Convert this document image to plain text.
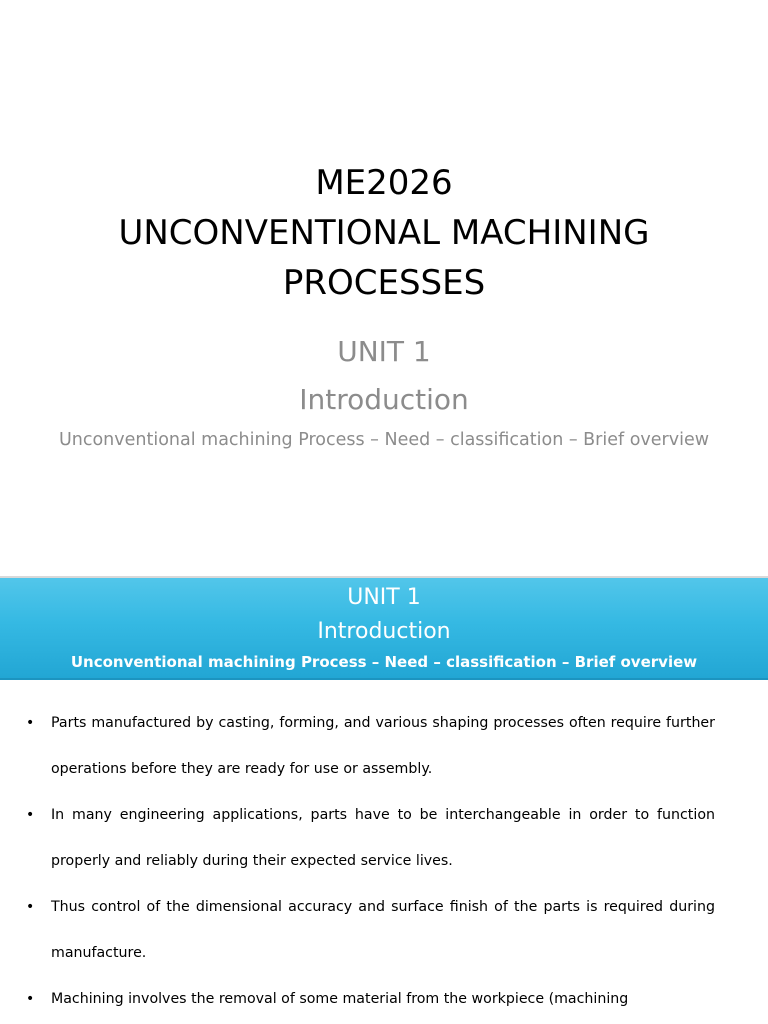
ME2026
UNCONVENTIONAL MACHINING
PROCESSES
UNIT 1
Introduction
Unconventional machining Process – Need – classification – Brief overview
UNIT 1
Introduction
Unconventional machining Process – Need – classification – Brief overview
• Parts manufactured by casting, forming, and various shaping processes often require further operations before they are ready for use or assembly.
• In many engineering applications, parts have to be interchangeable in order to function properly and reliably during their expected service lives.
• Thus control of the dimensional accuracy and surface finish of the parts is required during manufacture.
• Machining involves the removal of some material from the workpiece (machining
